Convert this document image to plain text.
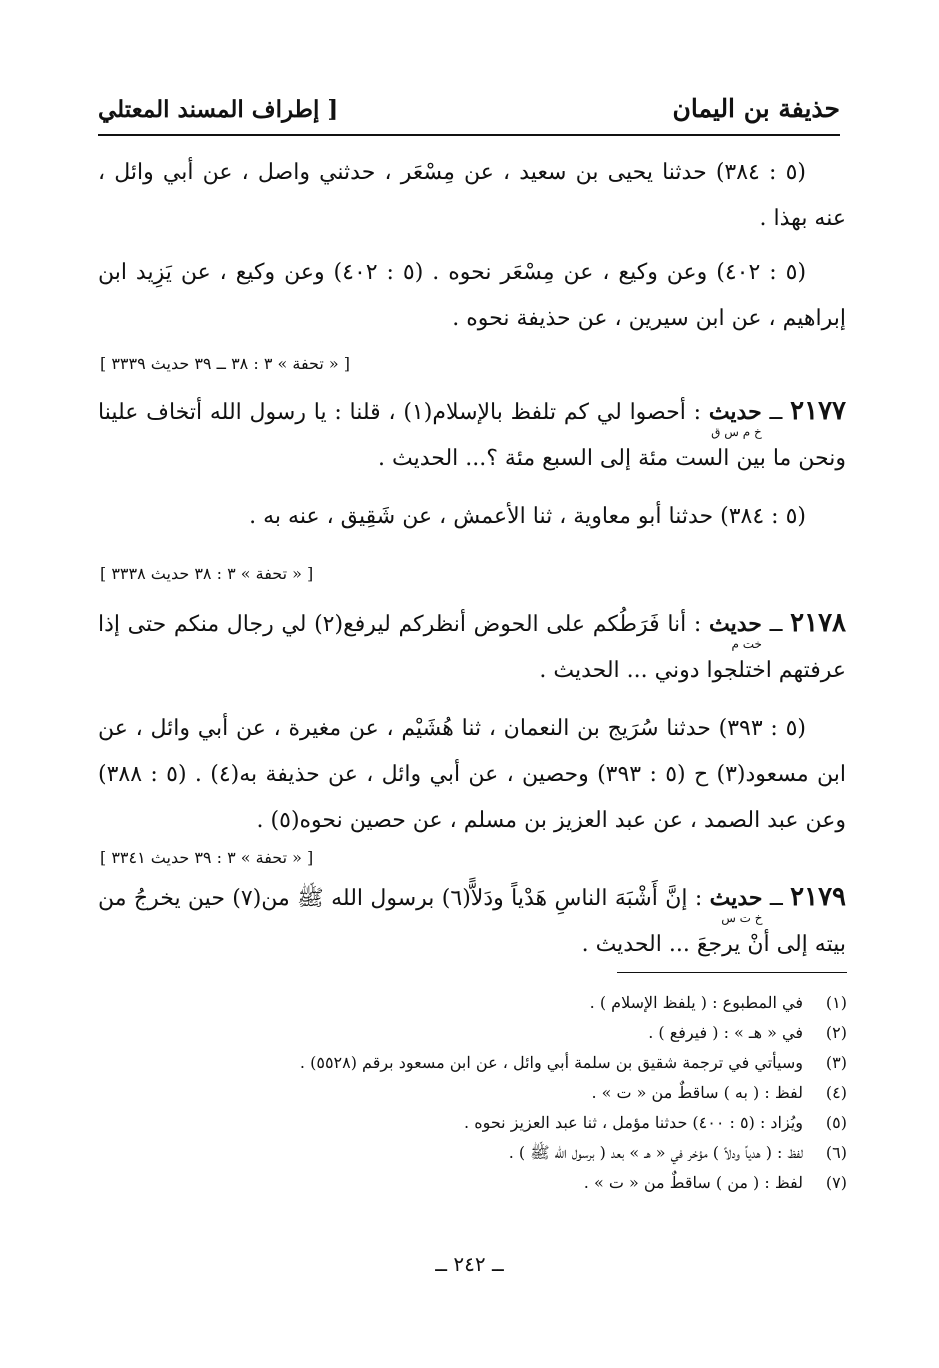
حذيفة بن اليمان
[ إطراف المسند المعتلي

(٥ : ٣٨٤) حدثنا يحيى بن سعيد ، عن مِسْعَر ، حدثني واصل ، عن أبي وائل ، عنه بهذا .

(٥ : ٤٠٢) وعن وكيع ، عن مِسْعَر نحوه . (٥ : ٤٠٢) وعن وكيع ، عن يَزِيد ابن إبراهيم ، عن ابن سيرين ، عن حذيفة نحوه .

[ « تحفة » ٣ : ٣٨ ــ ٣٩ حديث ٣٣٣٩ ]

٢١٧٧ ــ حديث
خ م س ق
: أحصوا لي كم تلفظ بالإسلام(١) ، قلنا : يا رسول الله أتخاف علينا ونحن ما بين الست مئة إلى السبع مئة ؟... الحديث .

(٥ : ٣٨٤) حدثنا أبو معاوية ، ثنا الأعمش ، عن شَقِيق ، عنه به .

[ « تحفة » ٣ : ٣٨ حديث ٣٣٣٨ ]

٢١٧٨ ــ حديث
خت م
: أنا فَرَطُكم على الحوض أنظركم ليرفع(٢) لي رجال منكم حتى إذا عرفتهم اختلجوا دوني ... الحديث .

(٥ : ٣٩٣) حدثنا سُرَيج بن النعمان ، ثنا هُشَيْم ، عن مغيرة ، عن أبي وائل ، عن ابن مسعود(٣) ح (٥ : ٣٩٣) وحصين ، عن أبي وائل ، عن حذيفة به(٤) . (٥ : ٣٨٨) وعن عبد الصمد ، عن عبد العزيز بن مسلم ، عن حصين نحوه(٥) .

[ « تحفة » ٣ : ٣٩ حديث ٣٣٤١ ]

٢١٧٩ ــ حديث
خ ت س
: إنَّ أَشْبَهَ الناسِ هَدْياً ودَلاًّ(٦) برسول الله ﷺ من(٧) حين يخرجُ من بيته إلى أنْ يرجعَ ... الحديث .

(١)
في المطبوع : ( يلفظ الإسلام ) .
(٢)
في « هـ » : ( فيرفع ) .
(٣)
وسيأتي في ترجمة شقيق بن سلمة أبي وائل ، عن ابن مسعود برقم (٥٥٢٨) .
(٤)
لفظ : ( به ) ساقطٌ من « ت » .
(٥)
ويُزاد : (٥ : ٤٠٠) حدثنا مؤمل ، ثنا عبد العزيز نحوه .
(٦)
لفظ : ( هدياً ودلاً ) مؤخر في « هـ » بعد ( برسول الله ﷺ ) .
(٧)
لفظ : ( من ) ساقطٌ من « ت » .
ــ ٢٤٢ ــ
